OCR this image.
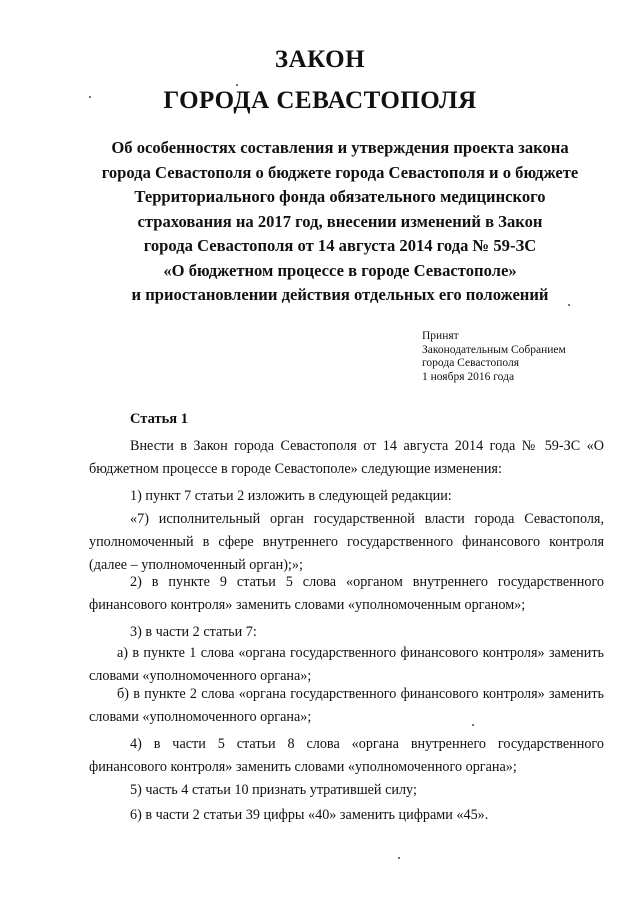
ЗАКОН
ГОРОДА СЕВАСТОПОЛЯ
Об особенностях составления и утверждения проекта закона
города Севастополя о бюджете города Севастополя и о бюджете
Территориального фонда обязательного медицинского
страхования на 2017 год, внесении изменений в Закон
города Севастополя от 14 августа 2014 года № 59-ЗС
«О бюджетном процессе в городе Севастополе»
и приостановлении действия отдельных его положений
Принят
Законодательным Собранием
города Севастополя
1 ноября 2016 года

Статья 1

Внести в Закон города Севастополя от 14 августа 2014 года № 59-ЗС «О бюджетном процессе в городе Севастополе» следующие изменения:

1) пункт 7 статьи 2 изложить в следующей редакции:

«7) исполнительный орган государственной власти города Севастополя, уполномоченный в сфере внутреннего государственного финансового контроля (далее – уполномоченный орган);»;

2) в пункте 9 статьи 5 слова «органом внутреннего государственного финансового контроля» заменить словами «уполномоченным органом»;

3) в части 2 статьи 7:

а) в пункте 1 слова «органа государственного финансового контроля» заменить словами «уполномоченного органа»;

б) в пункте 2 слова «органа государственного финансового контроля» заменить словами «уполномоченного органа»;

4) в части 5 статьи 8 слова «органа внутреннего государственного финансового контроля» заменить словами «уполномоченного органа»;

5) часть 4 статьи 10 признать утратившей силу;

6) в части 2 статьи 39 цифры «40» заменить цифрами «45».
